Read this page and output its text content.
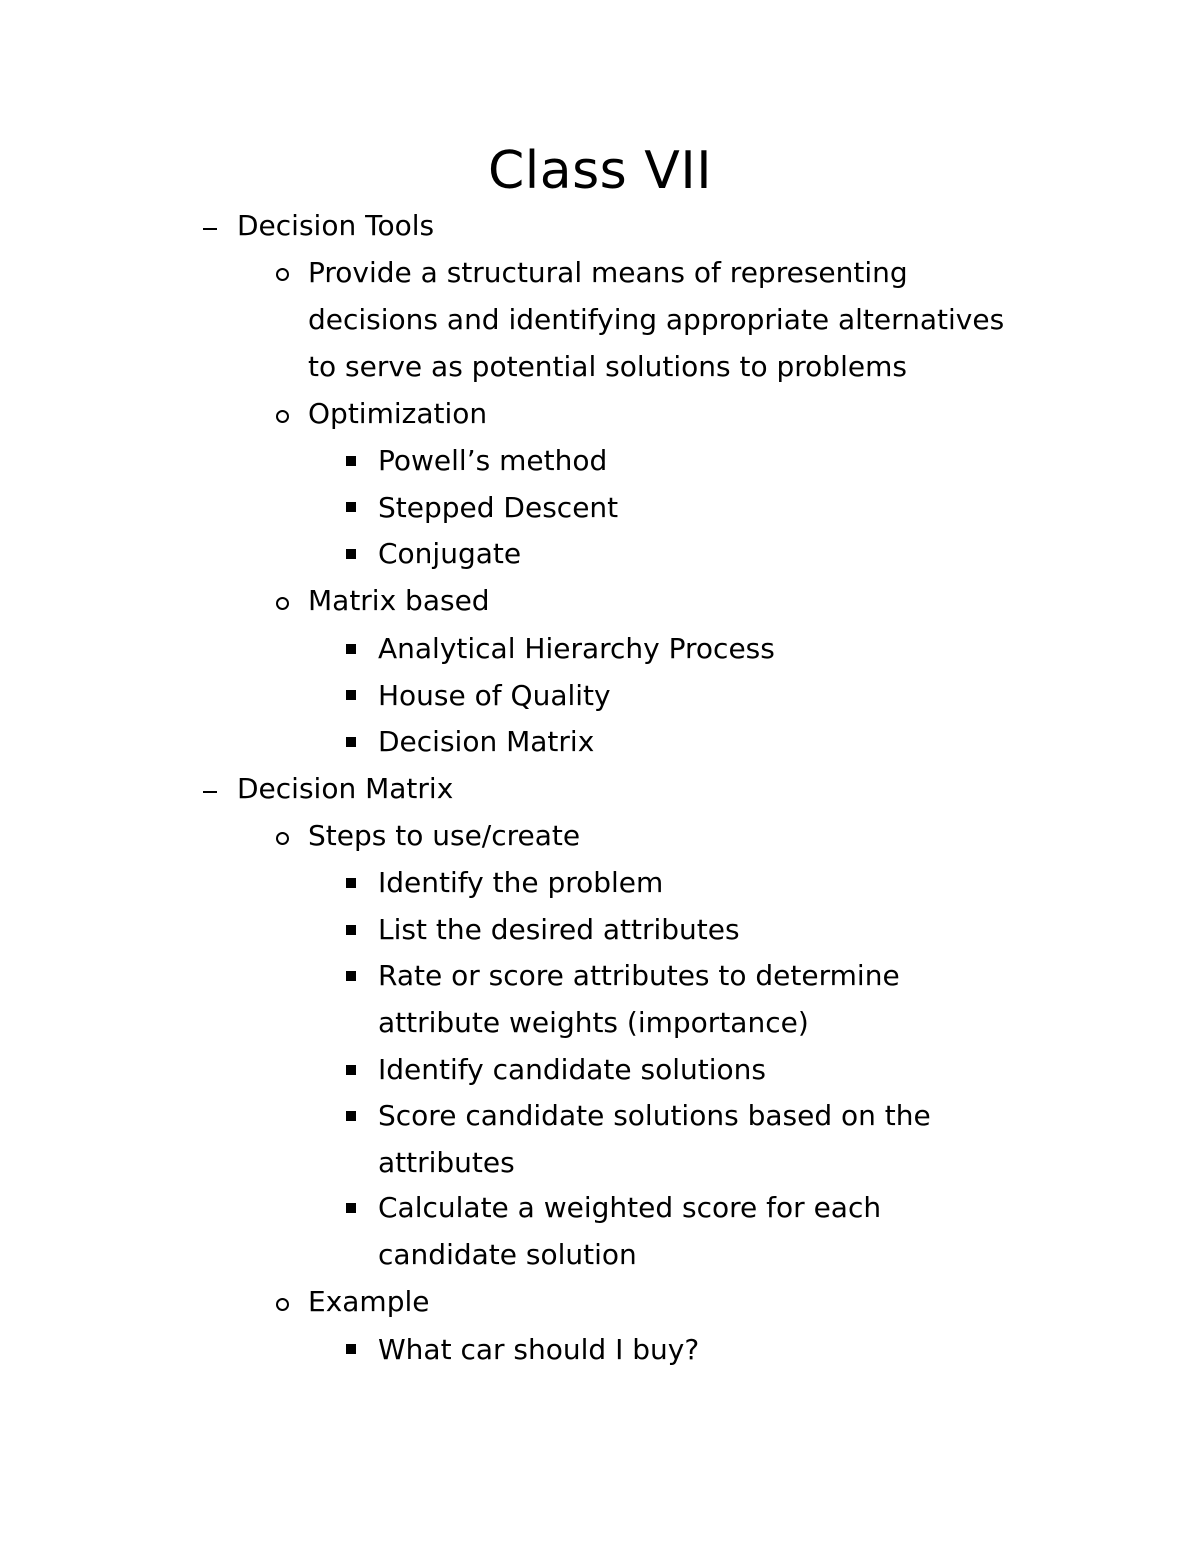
Class VII
Decision Tools
Provide a structural means of representing
decisions and identifying appropriate alternatives
to serve as potential solutions to problems
Optimization
Powell’s method
Stepped Descent
Conjugate
Matrix based
Analytical Hierarchy Process
House of Quality
Decision Matrix
Decision Matrix
Steps to use/create
Identify the problem
List the desired attributes
Rate or score attributes to determine
attribute weights (importance)
Identify candidate solutions
Score candidate solutions based on the
attributes
Calculate a weighted score for each
candidate solution
Example
What car should I buy?
